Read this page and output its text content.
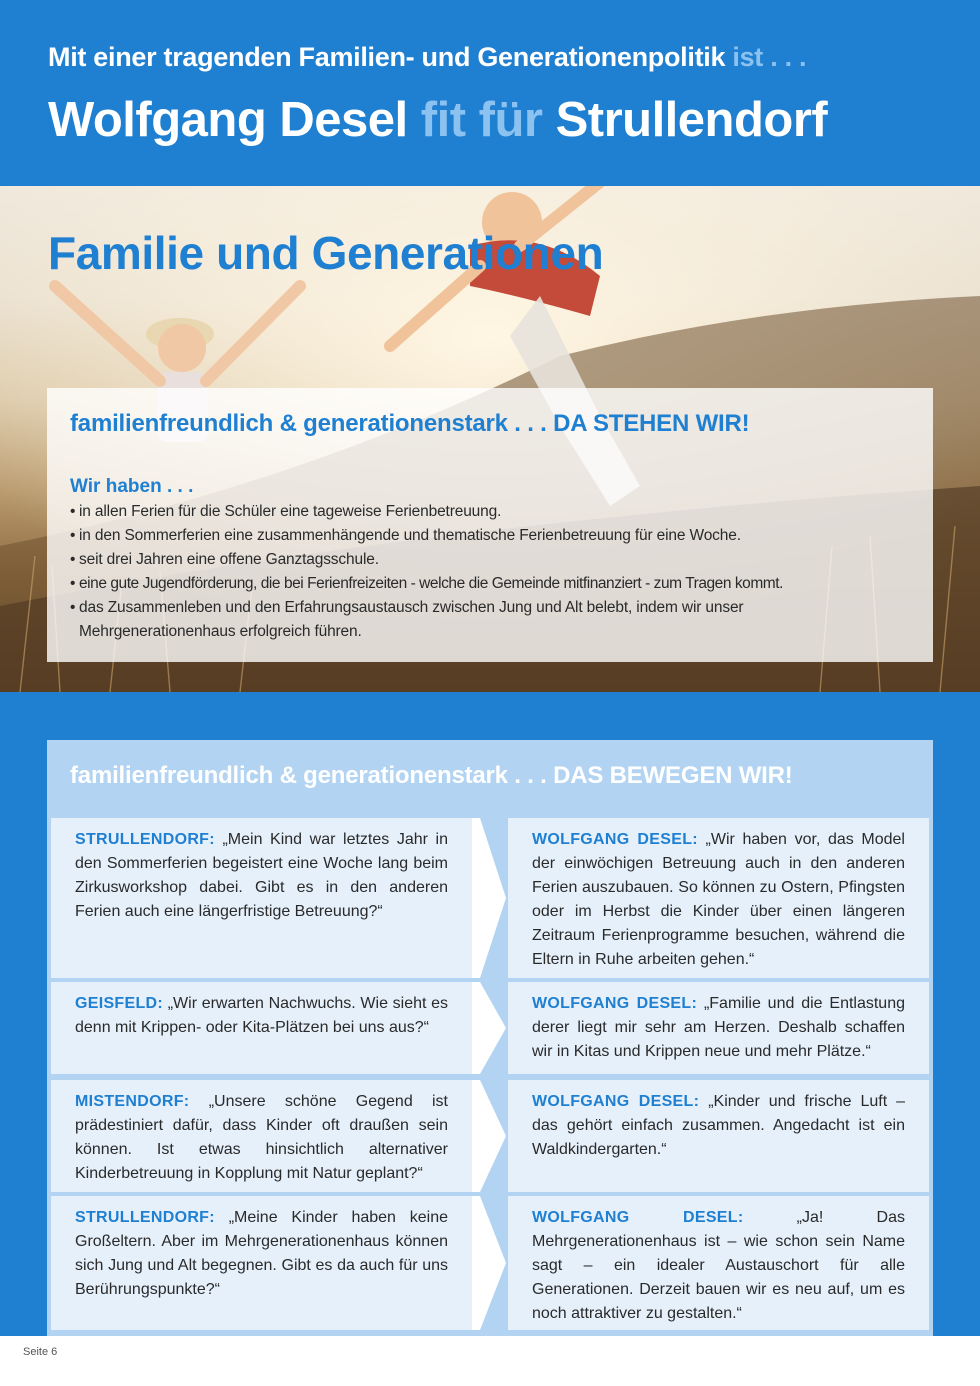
Mit einer tragenden Familien- und Generationenpolitik ist . . .
Wolfgang Desel fit für Strullendorf
Familie und Generationen
familienfreundlich & generationenstark . . . DA STEHEN WIR!
Wir haben . . .
• in allen Ferien für die Schüler eine tageweise Ferienbetreuung.
• in den Sommerferien eine zusammenhängende und thematische Ferienbetreuung für eine Woche.
• seit drei Jahren eine offene Ganztagsschule.
• eine gute Jugendförderung, die bei Ferienfreizeiten - welche die Gemeinde mitfinanziert - zum Tragen kommt.
• das Zusammenleben und den Erfahrungsaustausch zwischen Jung und Alt belebt, indem wir unser
Mehrgenerationenhaus erfolgreich führen.
familienfreundlich & generationenstark . . . DAS BEWEGEN WIR!

STRULLENDORF: „Mein Kind war letztes Jahr in den Sommerferien begeistert eine Woche lang beim Zirkusworkshop dabei. Gibt es in den anderen Ferien auch eine längerfristige Betreuung?“

WOLFGANG DESEL: „Wir haben vor, das Model der einwöchigen Betreuung auch in den anderen Ferien auszubauen. So können zu Ostern, Pfingsten oder im Herbst die Kinder über einen längeren Zeitraum Ferienprogramme besuchen, während die Eltern in Ruhe arbeiten gehen.“

GEISFELD: „Wir erwarten Nachwuchs. Wie sieht es denn mit Krippen- oder Kita-Plätzen bei uns aus?“

WOLFGANG DESEL: „Familie und die Entlastung derer liegt mir sehr am Herzen. Deshalb schaffen wir in Kitas und Krippen neue und mehr Plätze.“

MISTENDORF: „Unsere schöne Gegend ist prädestiniert dafür, dass Kinder oft draußen sein können. Ist etwas hinsichtlich alternativer Kinderbetreuung in Kopplung mit Natur geplant?“

WOLFGANG DESEL: „Kinder und frische Luft – das gehört einfach zusammen. Angedacht ist ein Waldkindergarten.“

STRULLENDORF: „Meine Kinder haben keine Großeltern. Aber im Mehrgenerationenhaus können sich Jung und Alt begegnen. Gibt es da auch für uns Berührungspunkte?“

WOLFGANG DESEL: „Ja! Das Mehrgenerationenhaus ist – wie schon sein Name sagt – ein idealer Austauschort für alle Generationen. Derzeit bauen wir es neu auf, um es noch attraktiver zu gestalten.“

Seite 6
